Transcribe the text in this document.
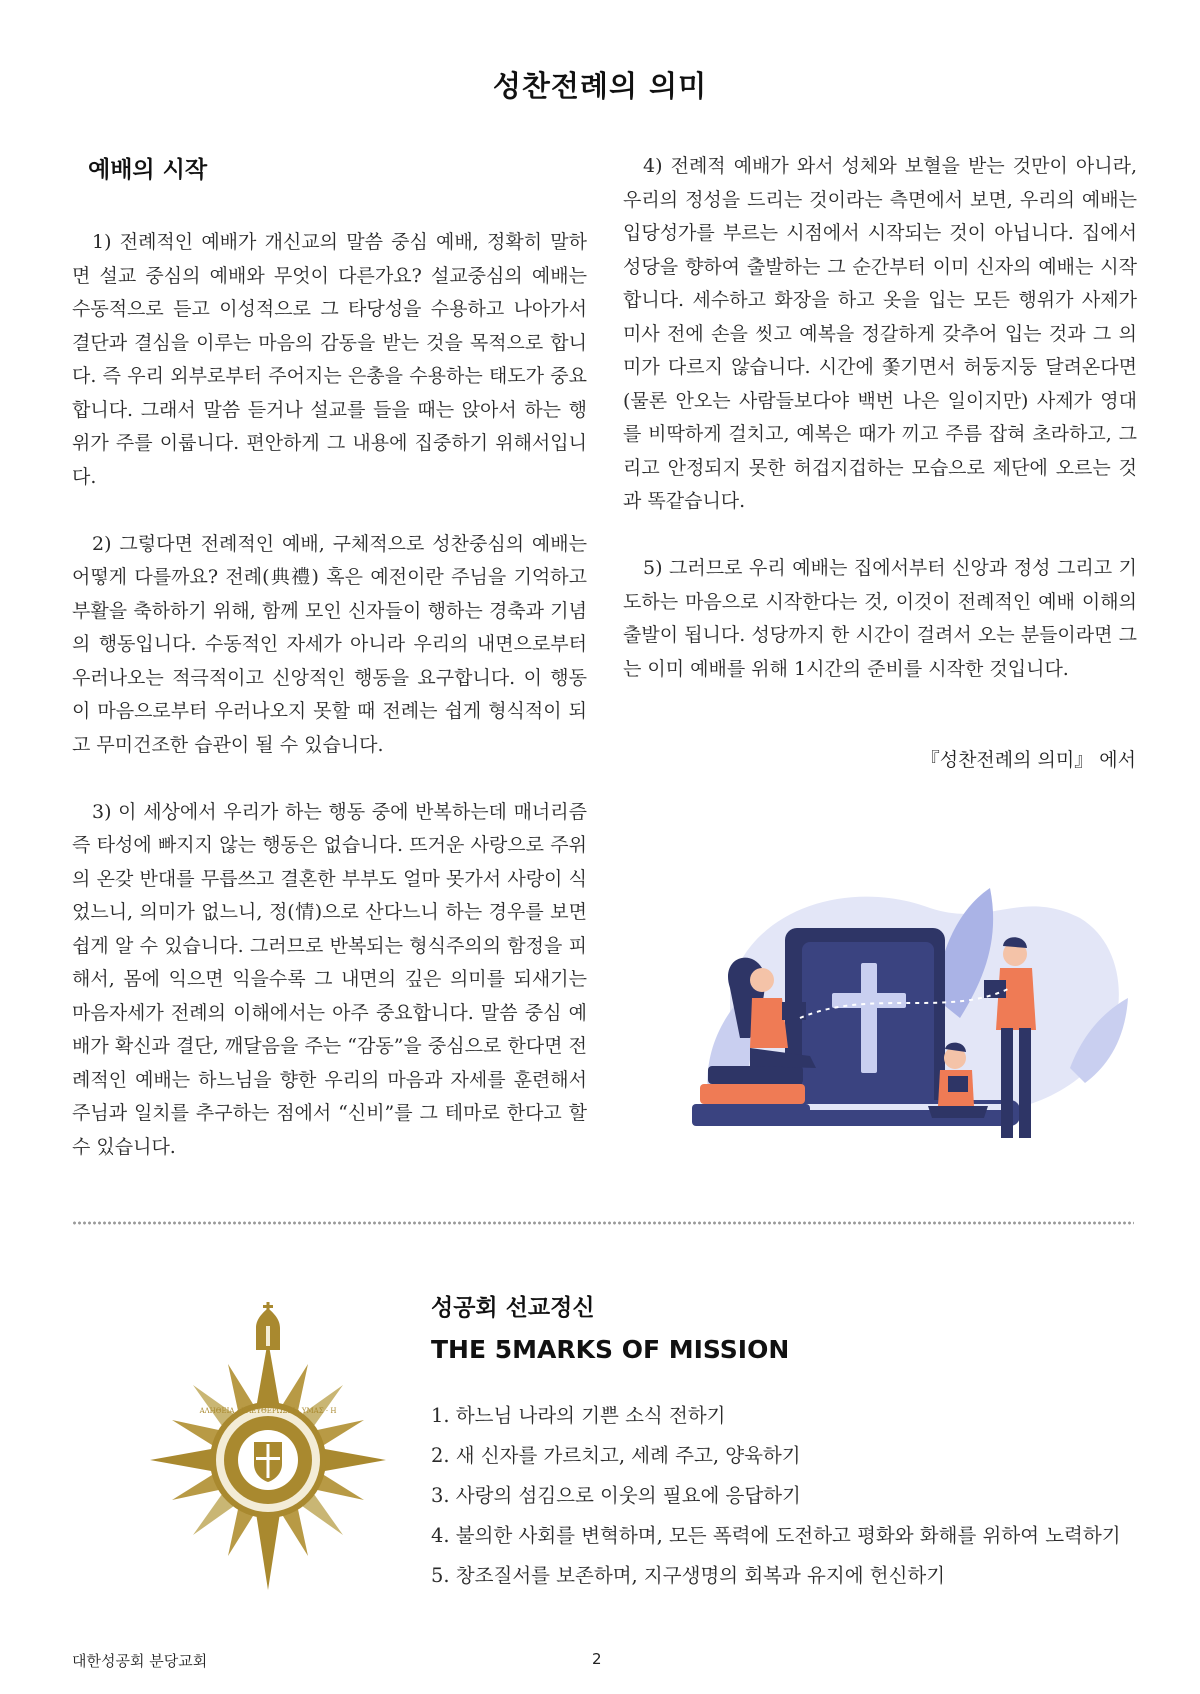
성찬전례의 의미
예배의 시작

1) 전례적인 예배가 개신교의 말씀 중심 예배, 정확히 말하면 설교 중심의 예배와 무엇이 다른가요? 설교중심의 예배는 수동적으로 듣고 이성적으로 그 타당성을 수용하고 나아가서 결단과 결심을 이루는 마음의 감동을 받는 것을 목적으로 합니다. 즉 우리 외부로부터 주어지는 은총을 수용하는 태도가 중요합니다. 그래서 말씀 듣거나 설교를 들을 때는 앉아서 하는 행위가 주를 이룹니다. 편안하게 그 내용에 집중하기 위해서입니다.

2) 그렇다면 전례적인 예배, 구체적으로 성찬중심의 예배는 어떻게 다를까요? 전례(典禮) 혹은 예전이란 주님을 기억하고 부활을 축하하기 위해, 함께 모인 신자들이 행하는 경축과 기념의 행동입니다. 수동적인 자세가 아니라 우리의 내면으로부터 우러나오는 적극적이고 신앙적인 행동을 요구합니다. 이 행동이 마음으로부터 우러나오지 못할 때 전례는 쉽게 형식적이 되고 무미건조한 습관이 될 수 있습니다.

3) 이 세상에서 우리가 하는 행동 중에 반복하는데 매너리즘 즉 타성에 빠지지 않는 행동은 없습니다. 뜨거운 사랑으로 주위의 온갖 반대를 무릅쓰고 결혼한 부부도 얼마 못가서 사랑이 식었느니, 의미가 없느니, 정(情)으로 산다느니 하는 경우를 보면 쉽게 알 수 있습니다. 그러므로 반복되는 형식주의의 함정을 피해서, 몸에 익으면 익을수록 그 내면의 깊은 의미를 되새기는 마음자세가 전례의 이해에서는 아주 중요합니다. 말씀 중심 예배가 확신과 결단, 깨달음을 주는 “감동”을 중심으로 한다면 전례적인 예배는 하느님을 향한 우리의 마음과 자세를 훈련해서 주님과 일치를 추구하는 점에서 “신비”를 그 테마로 한다고 할 수 있습니다.

4) 전례적 예배가 와서 성체와 보혈을 받는 것만이 아니라, 우리의 정성을 드리는 것이라는 측면에서 보면, 우리의 예배는 입당성가를 부르는 시점에서 시작되는 것이 아닙니다. 집에서 성당을 향하여 출발하는 그 순간부터 이미 신자의 예배는 시작합니다. 세수하고 화장을 하고 옷을 입는 모든 행위가 사제가 미사 전에 손을 씻고 예복을 정갈하게 갖추어 입는 것과 그 의미가 다르지 않습니다. 시간에 쫓기면서 허둥지둥 달려온다면(물론 안오는 사람들보다야 백번 나은 일이지만) 사제가 영대를 비딱하게 걸치고, 예복은 때가 끼고 주름 잡혀 초라하고, 그리고 안정되지 못한 허겁지겁하는 모습으로 제단에 오르는 것과 똑같습니다.

5) 그러므로 우리 예배는 집에서부터 신앙과 정성 그리고 기도하는 마음으로 시작한다는 것, 이것이 전례적인 예배 이해의 출발이 됩니다. 성당까지 한 시간이 걸려서 오는 분들이라면 그는 이미 예배를 위해 1시간의 준비를 시작한 것입니다.

『성찬전례의 의미』 에서
ΑΛΗΘΕΙΑ · ΕΛΕΥΘΕΡΩΣΕΙ · ΥΜΑΣ · Η
성공회 선교정신
THE 5MARKS OF MISSION
1. 하느님 나라의 기쁜 소식 전하기
2. 새 신자를 가르치고, 세례 주고, 양육하기
3. 사랑의 섬김으로 이웃의 필요에 응답하기
4. 불의한 사회를 변혁하며, 모든 폭력에 도전하고 평화와 화해를 위하여 노력하기
5. 창조질서를 보존하며, 지구생명의 회복과 유지에 헌신하기
대한성공회 분당교회	2
